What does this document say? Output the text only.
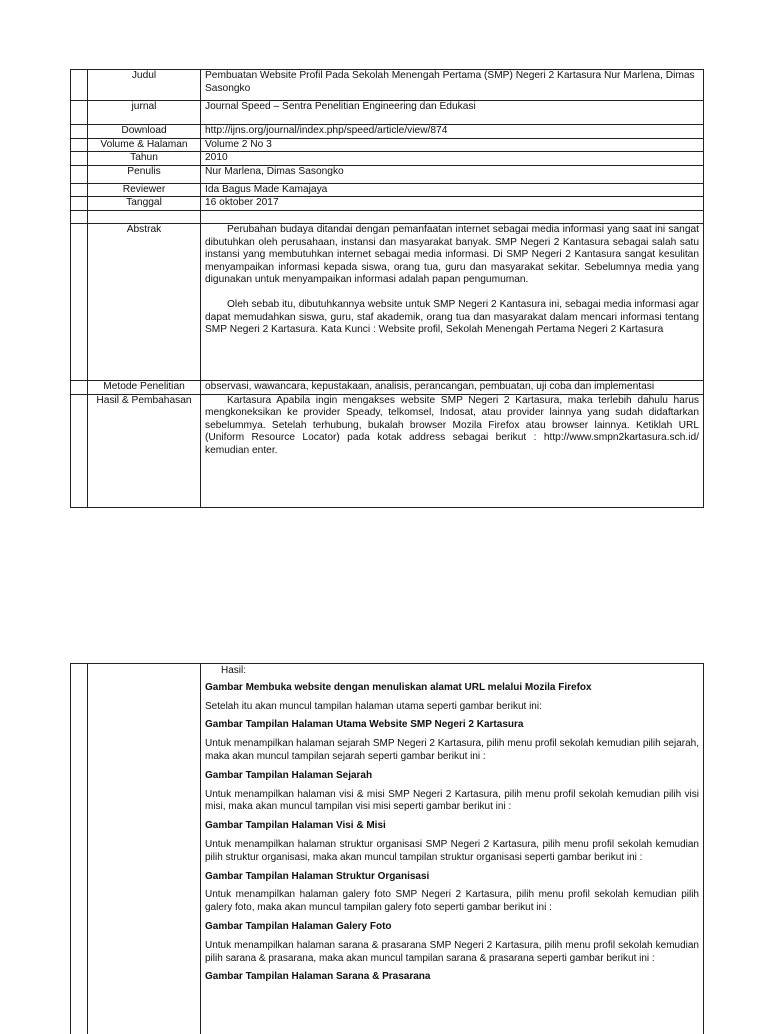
	Judul	Pembuatan Website Profil Pada Sekolah Menengah Pertama (SMP) Negeri 2 Kartasura Nur Marlena, Dimas Sasongko
	jurnal	Journal Speed – Sentra Penelitian Engineering dan Edukasi
	Download	http://ijns.org/journal/index.php/speed/article/view/874
	Volume & Halaman	Volume 2 No 3
	Tahun	2010
	Penulis	Nur Marlena, Dimas Sasongko
	Reviewer	Ida Bagus Made Kamajaya
	Tanggal	16 oktober 2017

	Abstrak	Perubahan budaya ditandai dengan pemanfaatan internet sebagai media informasi yang saat ini sangat dibutuhkan oleh perusahaan, instansi dan masyarakat banyak. SMP Negeri 2 Kantasura sebagai salah satu instansi yang membutuhkan internet sebagai media informasi. Di SMP Negeri 2 Kantasura sangat kesulitan menyampaikan informasi kepada siswa, orang tua, guru dan masyarakat sekitar. Sebelumnya media yang digunakan untuk menyampaikan informasi adalah papan pengumuman.
Oleh sebab itu, dibutuhkannya website untuk SMP Negeri 2 Kantasura ini, sebagai media informasi agar dapat memudahkan siswa, guru, staf akademik, orang tua dan masyarakat dalam mencari informasi tentang SMP Negeri 2 Kartasura. Kata Kunci : Website profil, Sekolah Menengah Pertama Negeri 2 Kartasura

	Metode Penelitian	observasi, wawancara, kepustakaan, analisis, perancangan, pembuatan, uji coba dan implementasi
	Hasil & Pembahasan	Kartasura Apabila ingin mengakses website SMP Negeri 2 Kartasura, maka terlebih dahulu harus mengkoneksikan ke provider Speady, telkomsel, Indosat, atau provider lainnya yang sudah didaftarkan sebelummya. Setelah terhubung, bukalah browser Mozila Firefox atau browser lainnya. Ketiklah URL (Uniform Resource Locator) pada kotak address sebagai berikut : http://www.smpn2kartasura.sch.id/ kemudian enter.

Hasil:
Gambar Membuka website dengan menuliskan alamat URL melalui Mozila Firefox
Setelah itu akan muncul tampilan halaman utama seperti gambar berikut ini:
Gambar Tampilan Halaman Utama Website SMP Negeri 2 Kartasura
Untuk menampilkan halaman sejarah SMP Negeri 2 Kartasura, pilih menu profil sekolah kemudian pilih sejarah, maka akan muncul tampilan sejarah seperti gambar berikut ini :
Gambar Tampilan Halaman Sejarah
Untuk menampilkan halaman visi & misi SMP Negeri 2 Kartasura, pilih menu profil sekolah kemudian pilih visi misi, maka akan muncul tampilan visi misi seperti gambar berikut ini :
Gambar Tampilan Halaman Visi & Misi
Untuk menampilkan halaman struktur organisasi SMP Negeri 2 Kartasura, pilih menu profil sekolah kemudian pilih struktur organisasi, maka akan muncul tampilan struktur organisasi seperti gambar berikut ini :
Gambar Tampilan Halaman Struktur Organisasi
Untuk menampilkan halaman galery foto SMP Negeri 2 Kartasura, pilih menu profil sekolah kemudian pilih galery foto, maka akan muncul tampilan galery foto seperti gambar berikut ini :
Gambar Tampilan Halaman Galery Foto
Untuk menampilkan halaman sarana & prasarana SMP Negeri 2 Kartasura, pilih menu profil sekolah kemudian pilih sarana & prasarana, maka akan muncul tampilan sarana & prasarana seperti gambar berikut ini :
Gambar Tampilan Halaman Sarana & Prasarana
